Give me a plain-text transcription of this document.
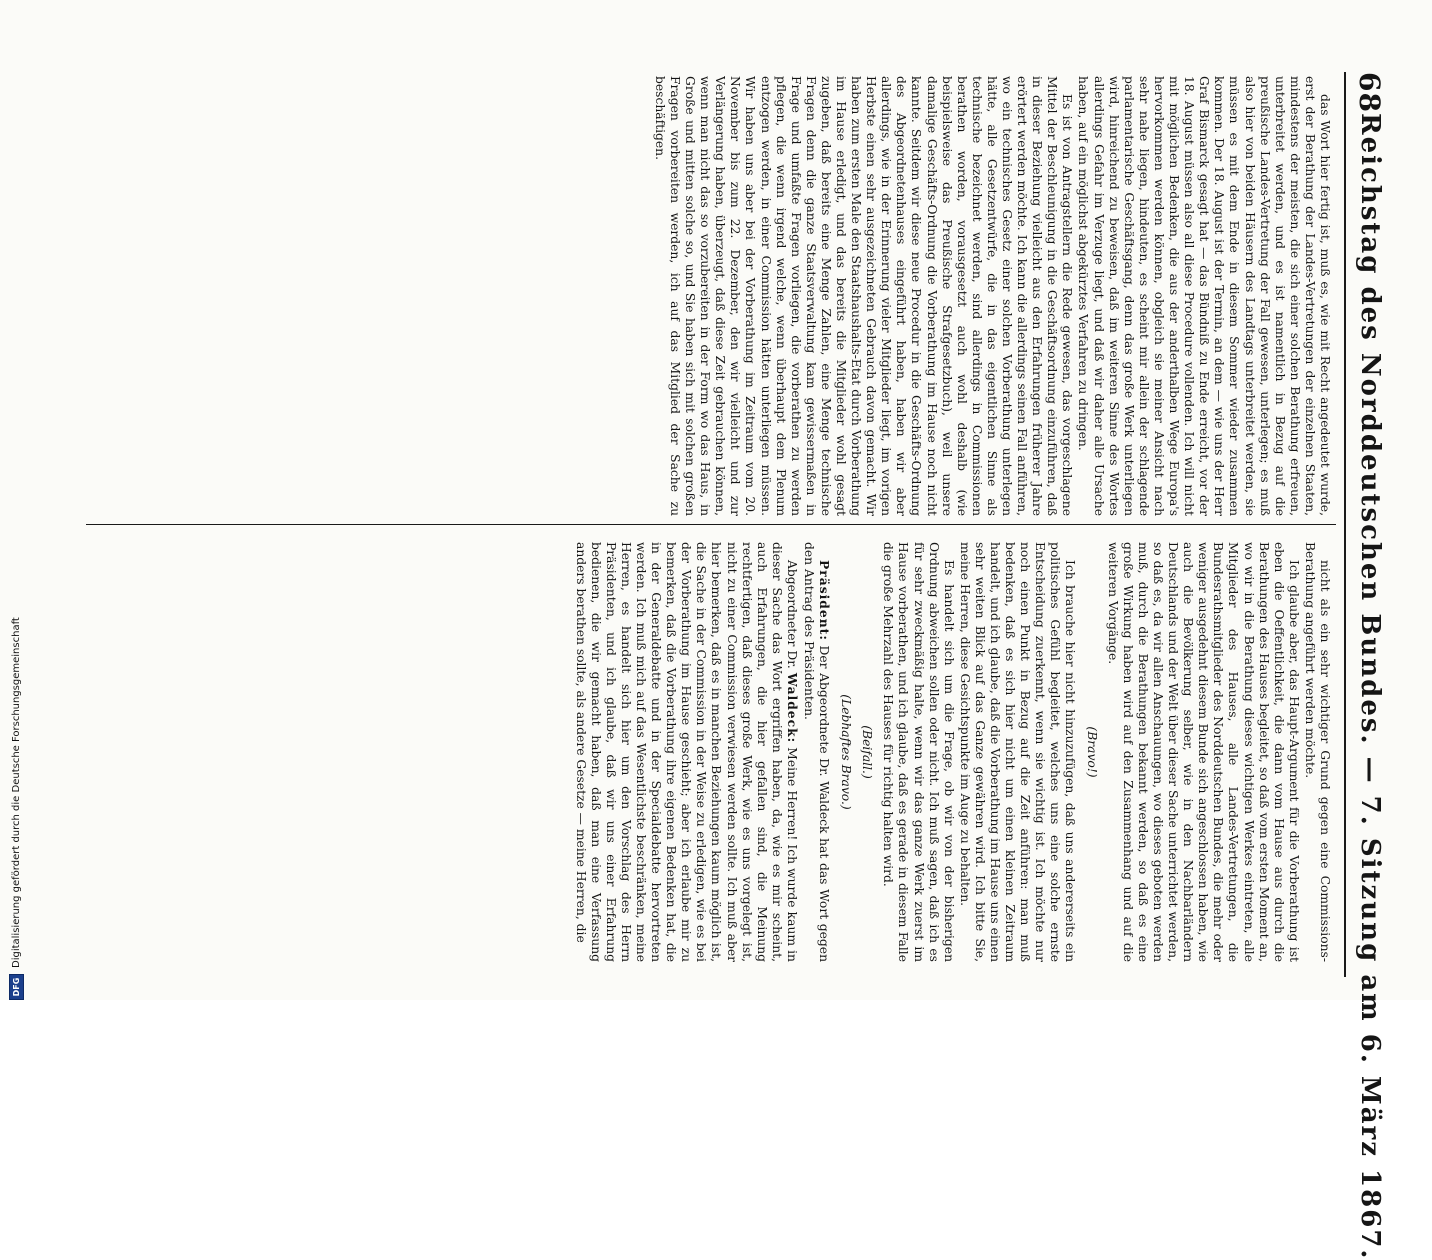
68
Reichstag des Norddeutschen Bundes. — 7. Sitzung am 6. März 1867.

das Wort hier fertig ist, muß es, wie mit Recht angedeutet wurde, erst der Berathung der Landes-Vertretungen der einzelnen Staaten, mindestens der meisten, die sich einer solchen Berathung erfreuen, unterbreitet werden, und es ist namentlich in Bezug auf die preußische Landes-Vertretung der Fall gewesen, unterlegen; es muß also hier von beiden Häusern des Landtags unterbreitet werden, sie müssen es mit dem Ende in diesem Sommer wieder zusammen kommen. Der 18. August ist der Termin, an dem — wie uns der Herr Graf Bismarck gesagt hat — das Bündniß zu Ende erreicht, vor der 18. August müssen also all diese Procedure vollenden. Ich will nicht mit möglichen Bedenken, die aus der anderthalben Wege Europa's hervorkommen werden können, obgleich sie meiner Ansicht nach sehr nahe liegen, hindeuten, es scheint mir allein der schlagende parlamentarische Geschäftsgang, denn das große Werk unterliegen wird, hinreichend zu beweisen, daß im weiteren Sinne des Wortes allerdings Gefahr im Verzuge liegt, und daß wir daher alle Ursache haben, auf ein möglichst abgekürztes Verfahren zu dringen.

Es ist von Antragstellern die Rede gewesen, das vorgeschlagene Mittel der Beschleunigung in die Geschäftsordnung einzuführen, daß in dieser Beziehung vielleicht aus den Erfahrungen früherer Jahre erörtert werden möchte. Ich kann die allerdings seinen Fall anführen, wo ein technisches Gesetz einer solchen Vorberathung unterlegen hätte, alle Gesetzentwürfe, die in das eigentlichen Sinne als technische bezeichnet werden, sind allerdings in Commissionen berathen worden, vorausgesetzt auch wohl deshalb (wie beispielsweise das Preußische Strafgesetzbuch), weil unsere damalige Geschäfts-Ordnung die Vorberathung im Hause noch nicht kannte. Seitdem wir diese neue Procedur in die Geschäfts-Ordnung des Abgeordnetenhauses eingeführt haben, haben wir aber allerdings, wie in der Erinnerung vieler Mitglieder liegt, im vorigen Herbste einen sehr ausgezeichneten Gebrauch davon gemacht. Wir haben zum ersten Male den Staatshaushalts-Etat durch Vorberathung im Hause erledigt, und das bereits die Mitglieder wohl gesagt zugeben, daß bereits eine Menge Zahlen, eine Menge technische Fragen denn die ganze Staatsverwaltung kam gewissermaßen in Frage und umfaßte Fragen vorliegen, die vorberathen zu werden pflegen, die wenn irgend welche, wenn überhaupt dem Plenum entzogen werden, in einer Commission hätten unterliegen müssen. Wir haben uns aber bei der Vorberathung im Zeitraum vom 20. November bis zum 22. Dezember, den wir vielleicht und zur Verlängerung haben, überzeugt, daß diese Zeit gebrauchen können, wenn man nicht das so vorzubereiten in der Form wo das Haus, in Große und mitten solche so, und Sie haben sich mit solchen großen Fragen vorbereiten werden, ich auf das Mitglied der Sache zu beschäftigen.

nicht als ein sehr wichtiger Grund gegen eine Commissions-Berathung angeführt werden möchte.

Ich glaube aber, das Haupt-Argument für die Vorberathung ist eben die Oeffentlichkeit, die dann vom Hause aus durch die Berathungen des Hauses begleitet, so daß vom ersten Moment an, wo wir in die Berathung dieses wichtigen Werkes eintreten, alle Mitglieder des Hauses, alle Landes-Vertretungen, die Bundesrathsmitglieder des Norddeutschen Bundes, die mehr oder weniger ausgedehnt diesem Bunde sich angeschlossen haben, wie auch die Bevölkerung selber, wie in den Nachbarländern Deutschlands und der Welt über dieser Sache unterrichtet werden, so daß es, da wir allen Anschauungen, wo dieses geboten werden muß, durch die Berathungen bekannt werden, so daß es eine große Wirkung haben wird auf den Zusammenhang und auf die weiteren Vorgänge.

(Bravo!)

Ich brauche hier nicht hinzuzufügen, daß uns andererseits ein politisches Gefühl begleitet, welches uns eine solche ernste Entscheidung zuerkennt, wenn sie wichtig ist. Ich möchte nur noch einen Punkt in Bezug auf die Zeit anführen: man muß bedenken, daß es sich hier nicht um einen kleinen Zeitraum handelt, und ich glaube, daß die Vorberathung im Hause uns einen sehr weiten Blick auf das Ganze gewähren wird. Ich bitte Sie, meine Herren, diese Gesichtspunkte im Auge zu behalten.

Es handelt sich um die Frage, ob wir von der bisherigen Ordnung abweichen sollen oder nicht. Ich muß sagen, daß ich es für sehr zweckmäßig halte, wenn wir das ganze Werk zuerst im Hause vorberathen, und ich glaube, daß es gerade in diesem Falle die große Mehrzahl des Hauses für richtig halten wird.

(Beifall.)

(Lebhaftes Bravo.)

Präsident: Der Abgeordnete Dr. Waldeck hat das Wort gegen den Antrag des Präsidenten.

Abgeordneter Dr. Waldeck: Meine Herren! Ich wurde kaum in dieser Sache das Wort ergriffen haben, da, wie es mir scheint, auch Erfahrungen, die hier gefallen sind, die Meinung rechtfertigen, daß dieses große Werk, wie es uns vorgelegt ist, nicht zu einer Commission verwiesen werden sollte. Ich muß aber hier bemerken, daß es in manchen Beziehungen kaum möglich ist, die Sache in der Commission in der Weise zu erledigen, wie es bei der Vorberathung im Hause geschieht; aber ich erlaube mir zu bemerken, daß die Vorberathung ihre eigenen Bedenken hat, die in der Generaldebatte und in der Specialdebatte hervortreten werden. Ich muß mich auf das Wesentlichste beschränken, meine Herren, es handelt sich hier um den Vorschlag des Herrn Präsidenten, und ich glaube, daß wir uns einer Erfahrung bedienen, die wir gemacht haben, daß man eine Verfassung anders berathen sollte, als andere Gesetze — meine Herren, die

DFG
Digitalisierung gefördert durch die Deutsche Forschungsgemeinschaft
